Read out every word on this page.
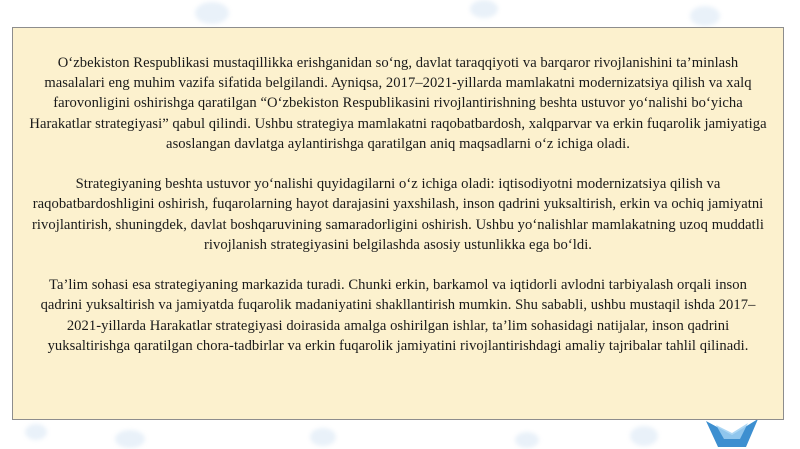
O‘zbekiston Respublikasi mustaqillikka erishganidan so‘ng, davlat taraqqiyoti va barqaror rivojlanishini ta’minlash masalalari eng muhim vazifa sifatida belgilandi. Ayniqsa, 2017–2021-yillarda mamlakatni modernizatsiya qilish va xalq farovonligini oshirishga qaratilgan “O‘zbekiston Respublikasini rivojlantirishning beshta ustuvor yo‘nalishi bo‘yicha Harakatlar strategiyasi” qabul qilindi. Ushbu strategiya mamlakatni raqobatbardosh, xalqparvar va erkin fuqarolik jamiyatiga asoslangan davlatga aylantirishga qaratilgan aniq maqsadlarni o‘z ichiga oladi.

Strategiyaning beshta ustuvor yo‘nalishi quyidagilarni o‘z ichiga oladi: iqtisodiyotni modernizatsiya qilish va raqobatbardoshligini oshirish, fuqarolarning hayot darajasini yaxshilash, inson qadrini yuksaltirish, erkin va ochiq jamiyatni rivojlantirish, shuningdek, davlat boshqaruvining samaradorligini oshirish. Ushbu yo‘nalishlar mamlakatning uzoq muddatli rivojlanish strategiyasini belgilashda asosiy ustunlikka ega bo‘ldi.

Ta’lim sohasi esa strategiyaning markazida turadi. Chunki erkin, barkamol va iqtidorli avlodni tarbiyalash orqali inson qadrini yuksaltirish va jamiyatda fuqarolik madaniyatini shakllantirish mumkin. Shu sababli, ushbu mustaqil ishda 2017–2021-yillarda Harakatlar strategiyasi doirasida amalga oshirilgan ishlar, ta’lim sohasidagi natijalar, inson qadrini yuksaltirishga qaratilgan chora-tadbirlar va erkin fuqarolik jamiyatini rivojlantirishdagi amaliy tajribalar tahlil qilinadi.
